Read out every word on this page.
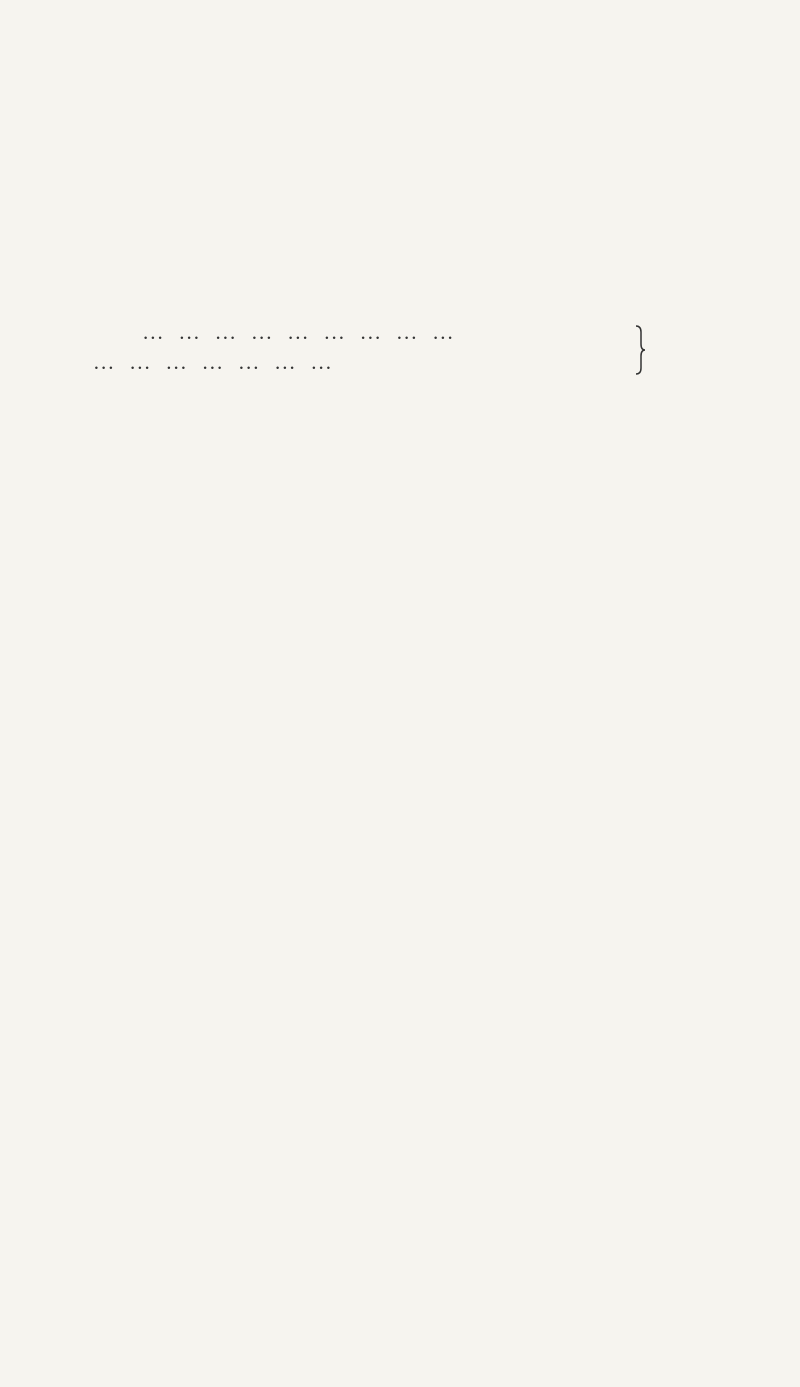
...  ...  ...  ...  ...  ...  ...  ...  ...
...  ...  ...  ...  ...  ...  ...
